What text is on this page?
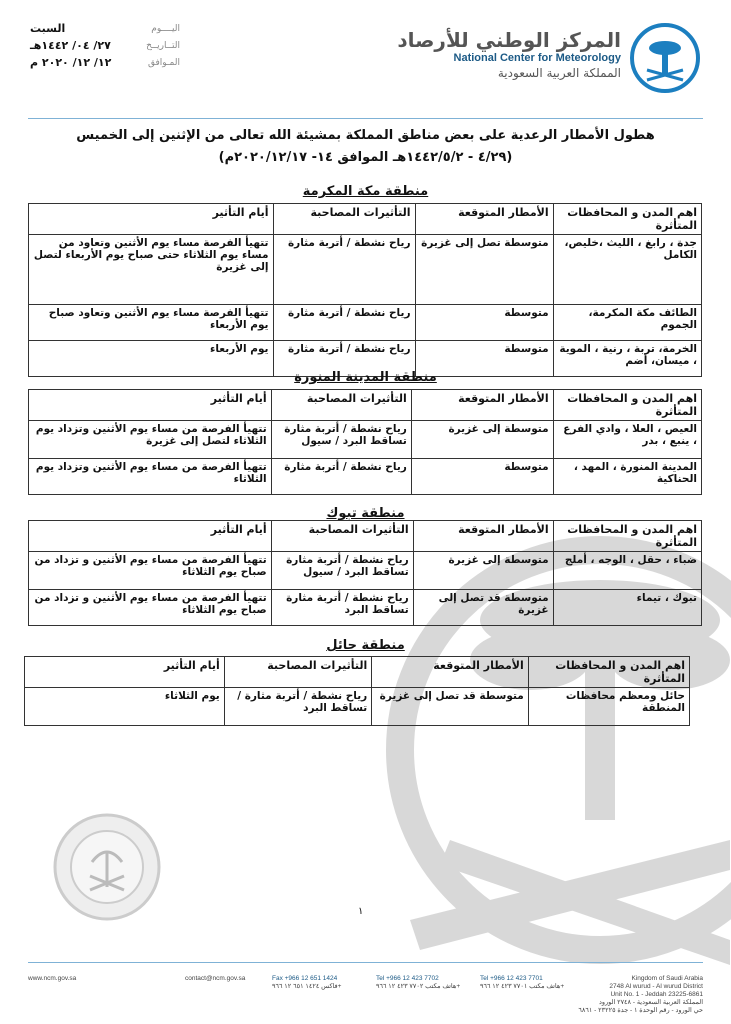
المركز الوطني للأرصاد
National Center for Meteorology
المملكة العربية السعودية
اليــــوم
السبت
التــاريــخ
٢٧/ ٠٤/ ١٤٤٢هـ
المـوافق
١٢/ ١٢/ ٢٠٢٠ م
هطول الأمطار الرعدية على بعض مناطق المملكة بمشيئة الله تعالى من الإثنين إلى الخميس
(٤/٢٩ - ١٤٤٢/٥/٢هـ الموافق ١٤- ٢٠٢٠/١٢/١٧م)
منطقة مكة المكرمة
اهم المدن و المحافظات المتأثرة	الأمطار المتوقعة	التأثيرات المصاحبة	أيام التأثير
جدة ، رابغ ، الليث ،خليص، الكامل	متوسطة تصل إلى غزيرة	رياح نشطة / أتربة مثارة	تتهيأ الفرصة مساء يوم الأثنين وتعاود من مساء يوم الثلاثاء حتى صباح يوم الأربعاء لتصل إلى غزيرة
الطائف مكة المكرمة، الجموم	متوسطة	رياح نشطة / أتربة مثارة	تتهيأ الفرصة مساء يوم الأثنين وتعاود صباح يوم الأربعاء
الخرمة، تربة ، رنية ، الموية ، ميسان، أضم	متوسطة	رياح نشطة / أتربة مثارة	يوم الأربعاء
منطقة المدينة المنورة
اهم المدن و المحافظات المتأثرة	الأمطار المتوقعة	التأثيرات المصاحبة	أيام التأثير
العيص ، العلا ، وادي الفرع ، ينبع ، بدر	متوسطة إلى غزيرة	رياح نشطة / أتربة مثارة تساقط البرد / سيول	تتهيأ الفرصة من مساء يوم الأثنين وتزداد يوم الثلاثاء لتصل إلى غزيرة
المدينة المنورة ، المهد ، الحناكية	متوسطة	رياح نشطة / أتربة مثارة	تتهيأ الفرصة من مساء يوم الأثنين وتزداد يوم الثلاثاء
منطقة تبوك
اهم المدن و المحافظات المتأثرة	الأمطار المتوقعة	التأثيرات المصاحبة	أيام التأثير
ضباء ، حقل ، الوجه ، أملج	متوسطة إلى غزيرة	رياح نشطة / أتربة مثارة تساقط البرد / سيول	تتهيأ الفرصة من مساء يوم الأثنين و تزداد من صباح يوم الثلاثاء
تبوك ، تيماء	متوسطة قد تصل إلى غزيرة	رياح نشطة / أتربة مثارة تساقط البرد	تتهيأ الفرصة من مساء يوم الأثنين و تزداد من صباح يوم الثلاثاء
منطقة حائل
اهم المدن و المحافظات المتأثرة	الأمطار المتوقعة	التأثيرات المصاحبة	أيام التأثير
حائل ومعظم محافظات المنطقة	متوسطة قد تصل إلى غزيرة	رياح نشطة / أتربة مثارة / تساقط البرد	يوم الثلاثاء
١
www.ncm.gov.sa	contact@ncm.gov.sa	Fax +966 12 651 1424
فاكس ١٤٢٤ ٦٥١ ١٢ ٩٦٦+
Tel +966 12 423 7702
هاتف مكتب ٧٧٠٢ ٤٢٣ ١٢ ٩٦٦+
Tel +966 12 423 7701
هاتف مكتب ٧٧٠١ ٤٢٣ ١٢ ٩٦٦+
Kingdom of Saudi Arabia
2748 Al wurud - Al wurud District
Unit No. 1 - Jeddah 23225-6861
المملكة العربية السعودية - ٢٧٤٨ الورود
حي الورود - رقم الوحدة ١ - جدة ٢٣٢٢٥ - ٦٨٦١
